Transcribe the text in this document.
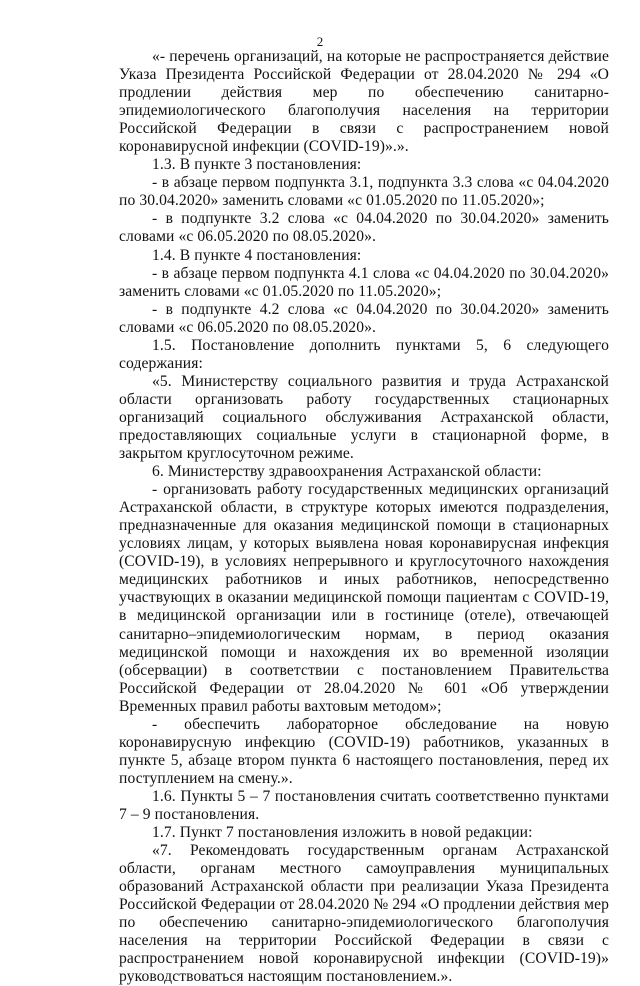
2

«- перечень организаций, на которые не распространяется действие Указа Президента Российской Федерации от 28.04.2020 № 294 «О продлении действия мер по обеспечению санитарно-эпидемиологического благополучия населения на территории Российской Федерации в связи с распространением новой коронавирусной инфекции (COVID-19)».».

1.3. В пункте 3 постановления:

- в абзаце первом подпункта 3.1, подпункта 3.3 слова «с 04.04.2020 по 30.04.2020» заменить словами «с 01.05.2020 по 11.05.2020»;

- в подпункте 3.2 слова «с 04.04.2020 по 30.04.2020» заменить словами «с 06.05.2020 по 08.05.2020».

1.4. В пункте 4 постановления:

- в абзаце первом подпункта 4.1 слова «с 04.04.2020 по 30.04.2020» заменить словами «с 01.05.2020 по 11.05.2020»;

- в подпункте 4.2 слова «с 04.04.2020 по 30.04.2020» заменить словами «с 06.05.2020 по 08.05.2020».

1.5. Постановление дополнить пунктами 5, 6 следующего содержания:

«5. Министерству социального развития и труда Астраханской области организовать работу государственных стационарных организаций социального обслуживания Астраханской области, предоставляющих социальные услуги в стационарной форме, в закрытом круглосуточном режиме.

6. Министерству здравоохранения Астраханской области:

- организовать работу государственных медицинских организаций Астраханской области, в структуре которых имеются подразделения, предназначенные для оказания медицинской помощи в стационарных условиях лицам, у которых выявлена новая коронавирусная инфекция (COVID-19), в условиях непрерывного и круглосуточного нахождения медицинских работников и иных работников, непосредственно участвующих в оказании медицинской помощи пациентам с COVID-19, в медицинской организации или в гостинице (отеле), отвечающей санитарно–эпидемиологическим нормам, в период оказания медицинской помощи и нахождения их во временной изоляции (обсервации) в соответствии с постановлением Правительства Российской Федерации от 28.04.2020 № 601 «Об утверждении Временных правил работы вахтовым методом»;

- обеспечить лабораторное обследование на новую коронавирусную инфекцию (COVID-19) работников, указанных в пункте 5, абзаце втором пункта 6 настоящего постановления, перед их поступлением на смену.».

1.6. Пункты 5 – 7 постановления считать соответственно пунктами 7 – 9 постановления.

1.7. Пункт 7 постановления изложить в новой редакции:

«7. Рекомендовать государственным органам Астраханской области, органам местного самоуправления муниципальных образований Астраханской области при реализации Указа Президента Российской Федерации от 28.04.2020 № 294 «О продлении действия мер по обеспечению санитарно-эпидемиологического благополучия населения на территории Российской Федерации в связи с распространением новой коронавирусной инфекции (COVID-19)» руководствоваться настоящим постановлением.».
